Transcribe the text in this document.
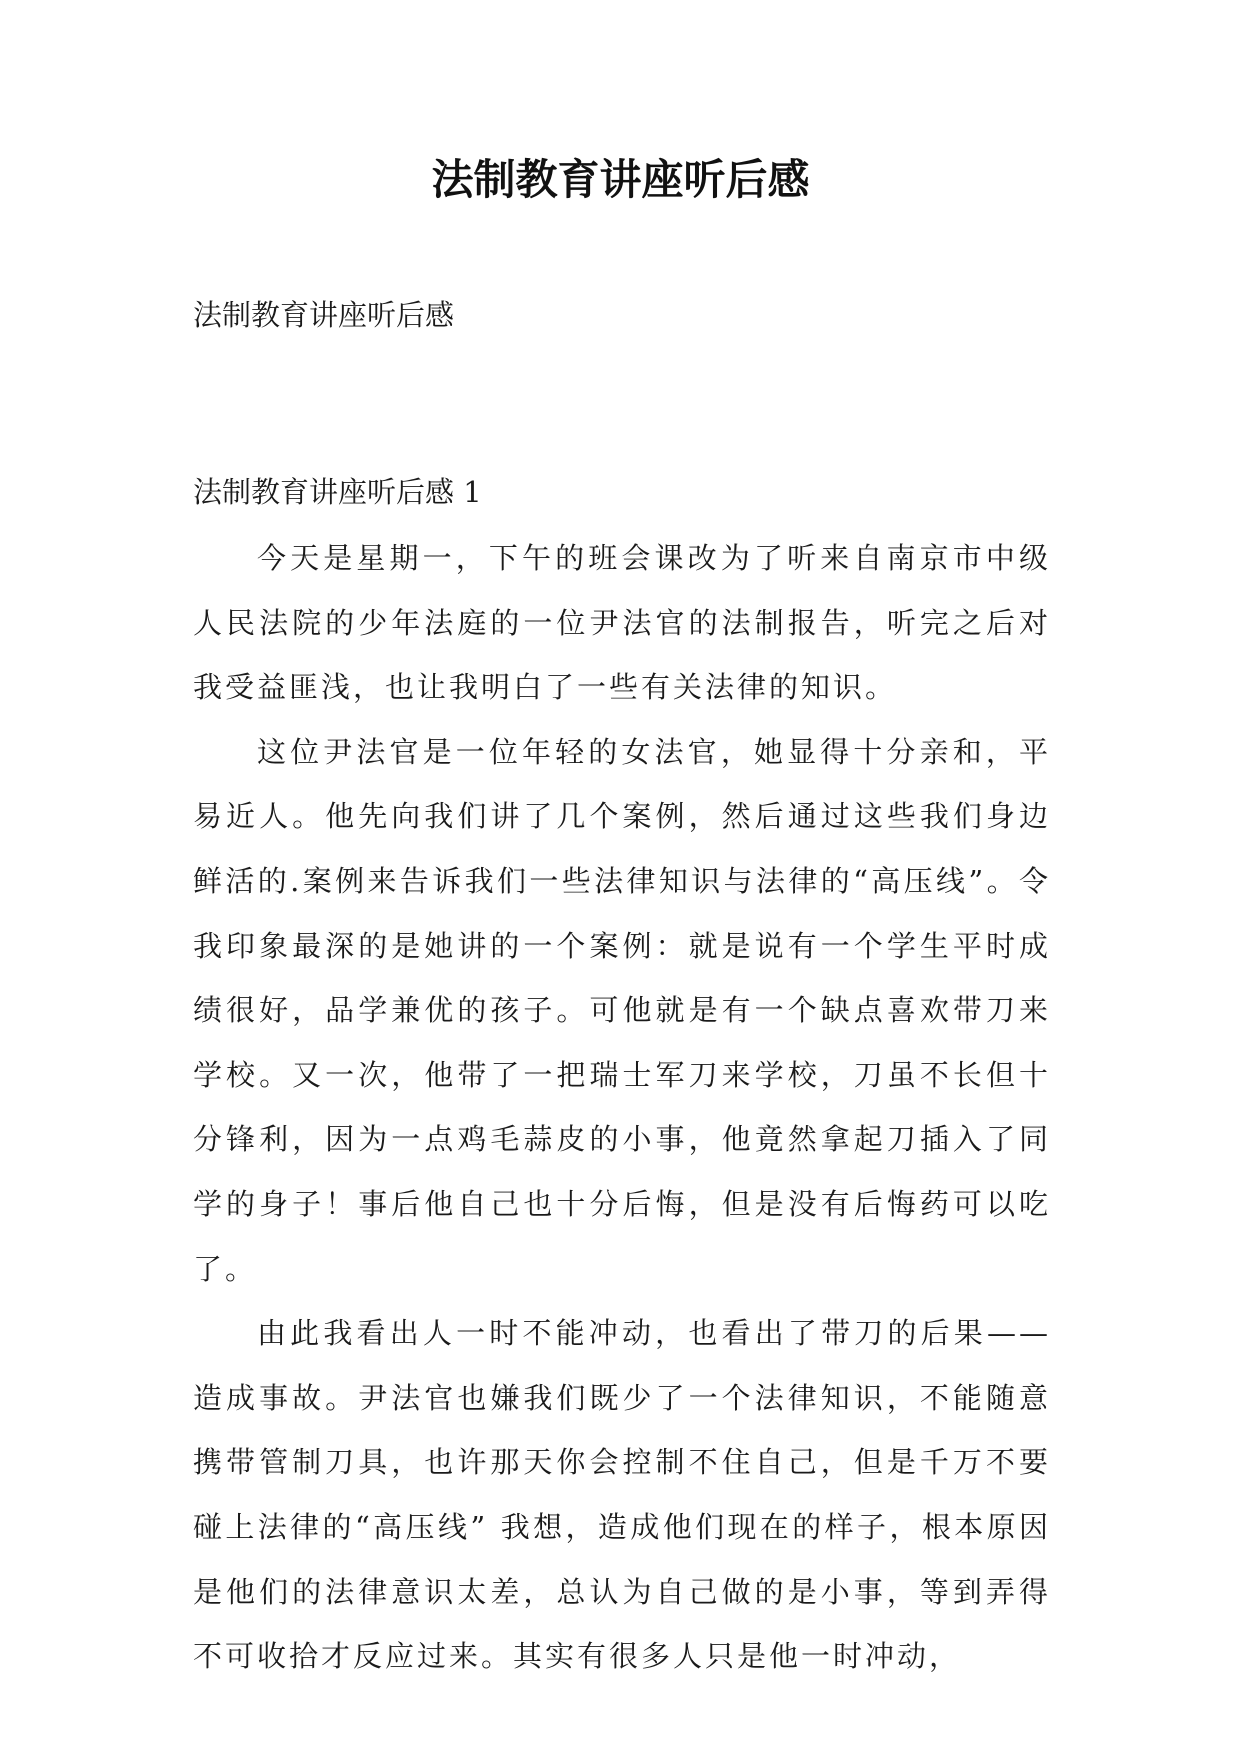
法制教育讲座听后感
法制教育讲座听后感
法制教育讲座听后感 1

今天是星期一，下午的班会课改为了听来自南京市中级人民法院的少年法庭的一位尹法官的法制报告，听完之后对我受益匪浅，也让我明白了一些有关法律的知识。

这位尹法官是一位年轻的女法官，她显得十分亲和，平易近人。他先向我们讲了几个案例，然后通过这些我们身边鲜活的.案例来告诉我们一些法律知识与法律的“高压线”。令我印象最深的是她讲的一个案例：就是说有一个学生平时成绩很好，品学兼优的孩子。可他就是有一个缺点喜欢带刀来学校。又一次，他带了一把瑞士军刀来学校，刀虽不长但十分锋利，因为一点鸡毛蒜皮的小事，他竟然拿起刀插入了同学的身子！事后他自己也十分后悔，但是没有后悔药可以吃了。

由此我看出人一时不能冲动，也看出了带刀的后果——造成事故。尹法官也嫌我们既少了一个法律知识，不能随意携带管制刀具，也许那天你会控制不住自己，但是千万不要碰上法律的“高压线” 我想，造成他们现在的样子，根本原因是他们的法律意识太差，总认为自己做的是小事，等到弄得不可收拾才反应过来。其实有很多人只是他一时冲动，
